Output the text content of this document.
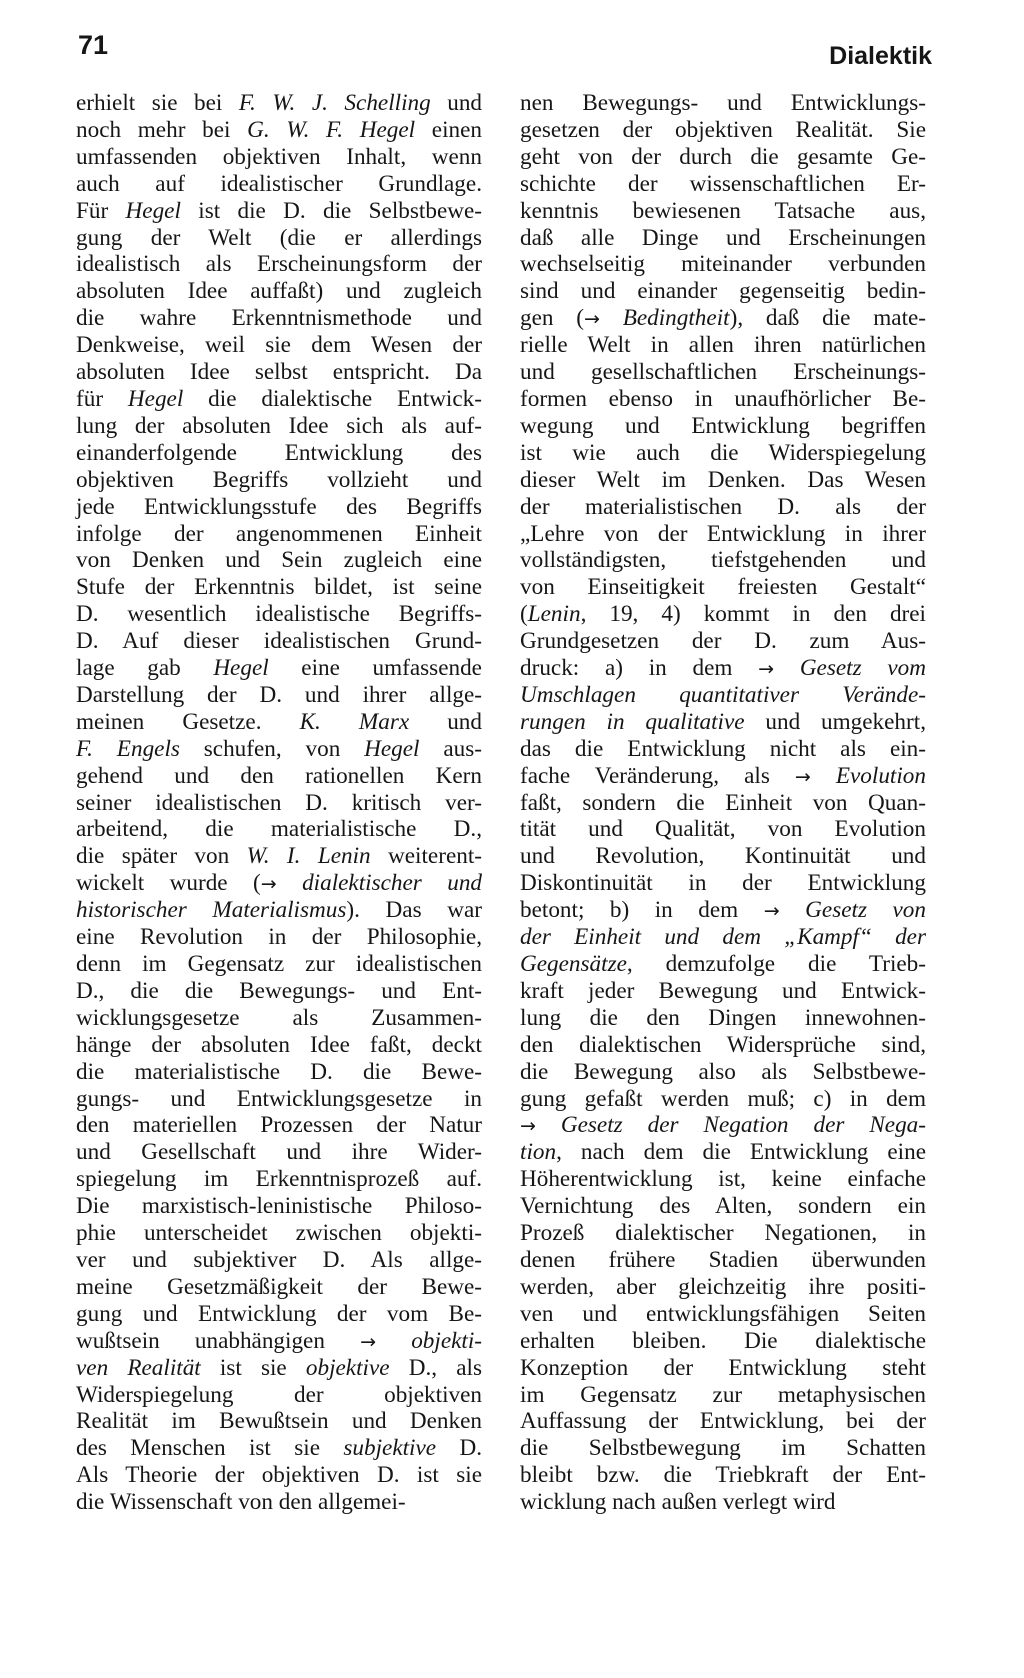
71	Dialektik
erhielt sie bei F. W. J. Schelling und
noch mehr bei G. W. F. Hegel einen
umfassenden objektiven Inhalt, wenn
auch auf idealistischer Grundlage.
Für Hegel ist die D. die Selbstbewe-
gung der Welt (die er allerdings
idealistisch als Erscheinungsform der
absoluten Idee auffaßt) und zugleich
die wahre Erkenntnismethode und
Denkweise, weil sie dem Wesen der
absoluten Idee selbst entspricht. Da
für Hegel die dialektische Entwick-
lung der absoluten Idee sich als auf-
einanderfolgende Entwicklung des
objektiven Begriffs vollzieht und
jede Entwicklungsstufe des Begriffs
infolge der angenommenen Einheit
von Denken und Sein zugleich eine
Stufe der Erkenntnis bildet, ist seine
D. wesentlich idealistische Begriffs-
D. Auf dieser idealistischen Grund-
lage gab Hegel eine umfassende
Darstellung der D. und ihrer allge-
meinen Gesetze. K. Marx und
F. Engels schufen, von Hegel aus-
gehend und den rationellen Kern
seiner idealistischen D. kritisch ver-
arbeitend, die materialistische D.,
die später von W. I. Lenin weiterent-
wickelt wurde (→ dialektischer und
historischer Materialismus). Das war
eine Revolution in der Philosophie,
denn im Gegensatz zur idealistischen
D., die die Bewegungs- und Ent-
wicklungsgesetze als Zusammen-
hänge der absoluten Idee faßt, deckt
die materialistische D. die Bewe-
gungs- und Entwicklungsgesetze in
den materiellen Prozessen der Natur
und Gesellschaft und ihre Wider-
spiegelung im Erkenntnisprozeß auf.
Die marxistisch-leninistische Philoso-
phie unterscheidet zwischen objekti-
ver und subjektiver D. Als allge-
meine Gesetzmäßigkeit der Bewe-
gung und Entwicklung der vom Be-
wußtsein unabhängigen → objekti-
ven Realität ist sie objektive D., als
Widerspiegelung der objektiven
Realität im Bewußtsein und Denken
des Menschen ist sie subjektive D.
Als Theorie der objektiven D. ist sie
die Wissenschaft von den allgemei-
nen Bewegungs- und Entwicklungs-
gesetzen der objektiven Realität. Sie
geht von der durch die gesamte Ge-
schichte der wissenschaftlichen Er-
kenntnis bewiesenen Tatsache aus,
daß alle Dinge und Erscheinungen
wechselseitig miteinander verbunden
sind und einander gegenseitig bedin-
gen (→ Bedingtheit), daß die mate-
rielle Welt in allen ihren natürlichen
und gesellschaftlichen Erscheinungs-
formen ebenso in unaufhörlicher Be-
wegung und Entwicklung begriffen
ist wie auch die Widerspiegelung
dieser Welt im Denken. Das Wesen
der materialistischen D. als der
„Lehre von der Entwicklung in ihrer
vollständigsten, tiefstgehenden und
von Einseitigkeit freiesten Gestalt“
(Lenin, 19, 4) kommt in den drei
Grundgesetzen der D. zum Aus-
druck: a) in dem → Gesetz vom
Umschlagen quantitativer Verände-
rungen in qualitative und umgekehrt,
das die Entwicklung nicht als ein-
fache Veränderung, als → Evolution
faßt, sondern die Einheit von Quan-
tität und Qualität, von Evolution
und Revolution, Kontinuität und
Diskontinuität in der Entwicklung
betont; b) in dem → Gesetz von
der Einheit und dem „Kampf“ der
Gegensätze, demzufolge die Trieb-
kraft jeder Bewegung und Entwick-
lung die den Dingen innewohnen-
den dialektischen Widersprüche sind,
die Bewegung also als Selbstbewe-
gung gefaßt werden muß; c) in dem
→ Gesetz der Negation der Nega-
tion, nach dem die Entwicklung eine
Höherentwicklung ist, keine einfache
Vernichtung des Alten, sondern ein
Prozeß dialektischer Negationen, in
denen frühere Stadien überwunden
werden, aber gleichzeitig ihre positi-
ven und entwicklungsfähigen Seiten
erhalten bleiben. Die dialektische
Konzeption der Entwicklung steht
im Gegensatz zur metaphysischen
Auffassung der Entwicklung, bei der
die Selbstbewegung im Schatten
bleibt bzw. die Triebkraft der Ent-
wicklung nach außen verlegt wird
